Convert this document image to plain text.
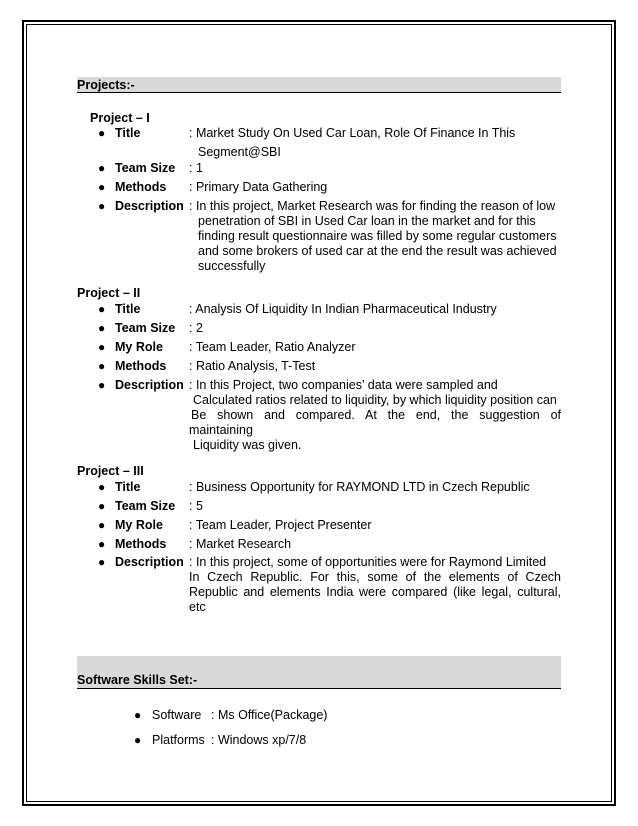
Projects:-
Project – I
● Title	: Market Study On Used Car Loan, Role Of Finance In This
Segment@SBI
● Team Size : 1
● Methods : Primary Data Gathering
● Description : In this project, Market Research was for finding the reason of low
penetration of SBI in Used Car loan in the market and for this
finding result questionnaire was filled by some regular customers
and some brokers of used car at the end the result was achieved
successfully
Project – II
● Title	: Analysis Of Liquidity In Indian Pharmaceutical Industry
● Team Size : 2
● My Role : Team Leader, Ratio Analyzer
● Methods : Ratio Analysis, T-Test
● Description : In this Project, two companies’ data were sampled and
Calculated ratios related to liquidity, by which liquidity position can
Be shown and compared. At the end, the suggestion of
maintaining
Liquidity was given.
Project – III
● Title	: Business Opportunity for RAYMOND LTD in Czech Republic
● Team Size : 5
● My Role : Team Leader, Project Presenter
● Methods : Market Research
● Description : In this project, some of opportunities were for Raymond Limited
In Czech Republic. For this, some of the elements of Czech
Republic and elements India were compared (like legal, cultural,
etc
Software Skills Set:-
● Software : Ms Office(Package)
● Platforms : Windows xp/7/8
